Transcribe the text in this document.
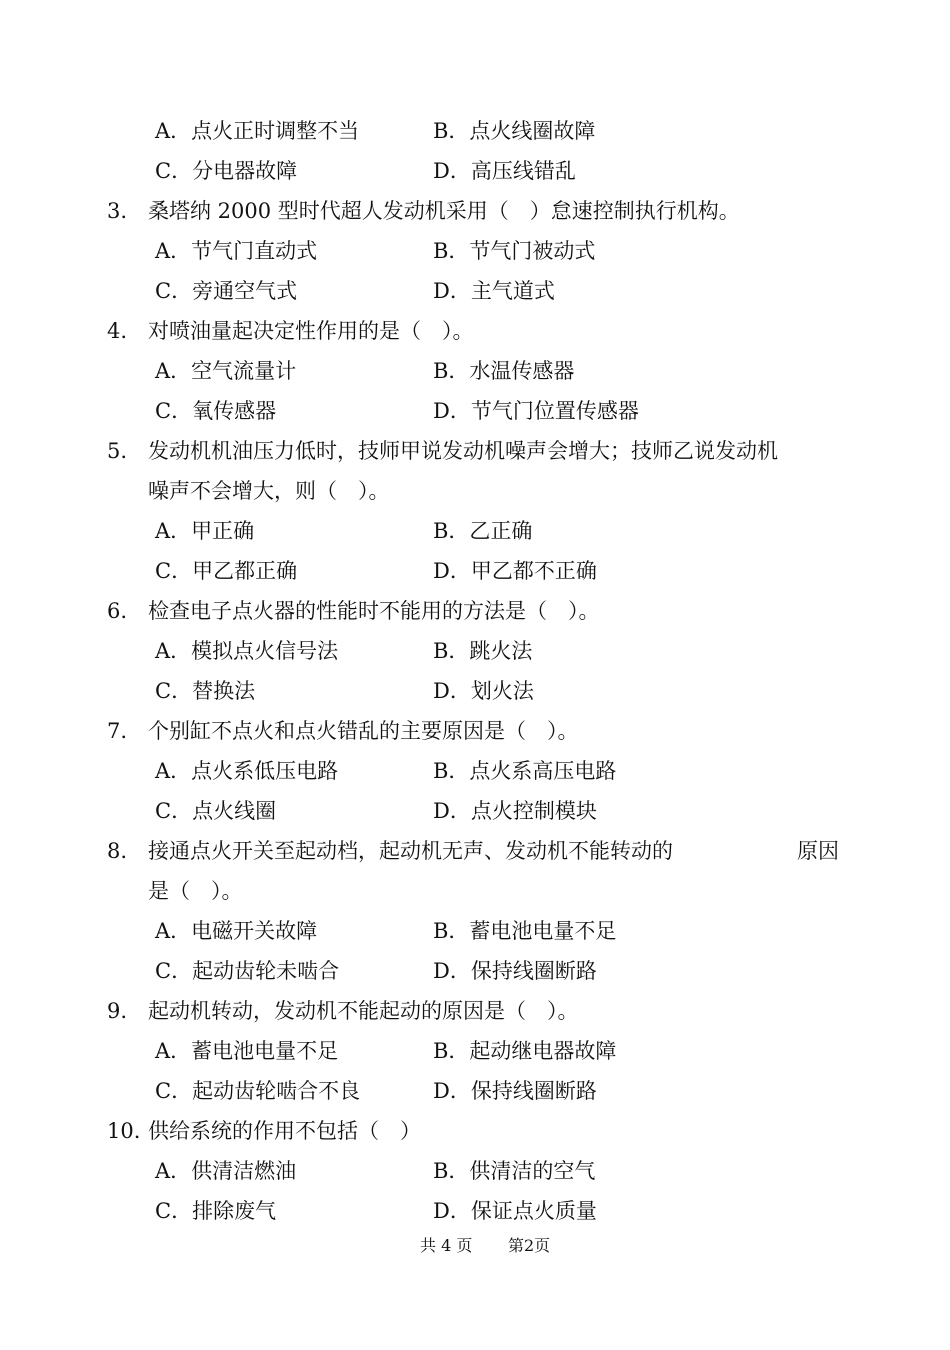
A．点火正时调整不当	B．点火线圈故障
C．分电器故障	D．高压线错乱
3. 桑塔纳 2000 型时代超人发动机采用（　）怠速控制执行机构。
A．节气门直动式	B．节气门被动式
C．旁通空气式	D．主气道式
4. 对喷油量起决定性作用的是（　）。
A．空气流量计	B．水温传感器
C．氧传感器	D．节气门位置传感器
5. 发动机机油压力低时，技师甲说发动机噪声会增大；技师乙说发动机
噪声不会增大，则（　）。
A．甲正确	B．乙正确
C．甲乙都正确	D．甲乙都不正确
6. 检查电子点火器的性能时不能用的方法是（　）。
A．模拟点火信号法	B．跳火法
C．替换法	D．划火法
7. 个别缸不点火和点火错乱的主要原因是（　）。
A．点火系低压电路	B．点火系高压电路
C．点火线圈	D．点火控制模块
8. 接通点火开关至起动档，起动机无声、发动机不能转动的	原因
是（　）。
A．电磁开关故障	B．蓄电池电量不足
C．起动齿轮未啮合	D．保持线圈断路
9. 起动机转动，发动机不能起动的原因是（　）。
A．蓄电池电量不足	B．起动继电器故障
C．起动齿轮啮合不良	D．保持线圈断路
10. 供给系统的作用不包括（　）
A．供清洁燃油	B．供清洁的空气
C．排除废气	D．保证点火质量
共 4 页 第2页
